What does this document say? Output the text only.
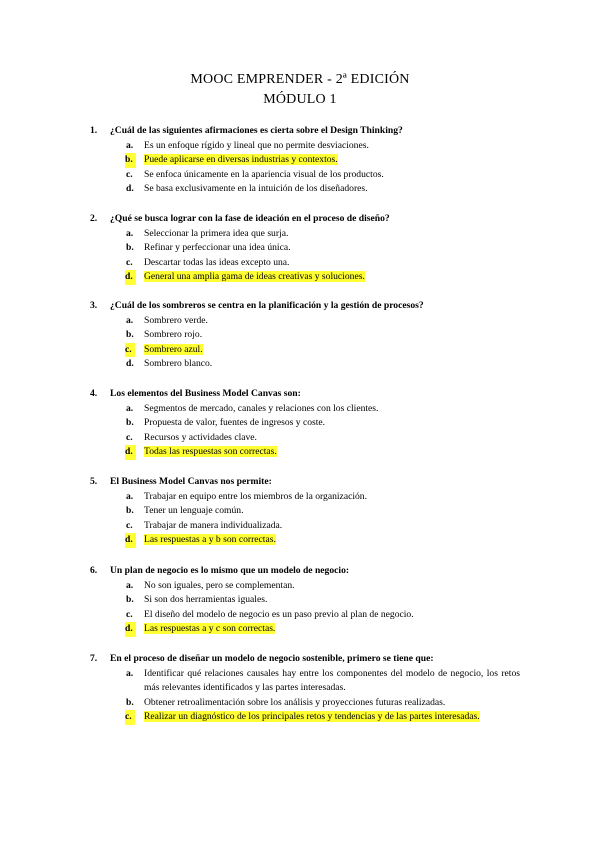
MOOC EMPRENDER - 2ª EDICIÓN
MÓDULO 1
1. ¿Cuál de las siguientes afirmaciones es cierta sobre el Design Thinking?
a. Es un enfoque rígido y lineal que no permite desviaciones.
b.	Puede aplicarse en diversas industrias y contextos.
c. Se enfoca únicamente en la apariencia visual de los productos.
d. Se basa exclusivamente en la intuición de los diseñadores.
2. ¿Qué se busca lograr con la fase de ideación en el proceso de diseño?
a. Seleccionar la primera idea que surja.
b. Refinar y perfeccionar una idea única.
c. Descartar todas las ideas excepto una.
d.	General una amplia gama de ideas creativas y soluciones.
3. ¿Cuál de los sombreros se centra en la planificación y la gestión de procesos?
a. Sombrero verde.
b. Sombrero rojo.
c.	Sombrero azul.
d. Sombrero blanco.
4. Los elementos del Business Model Canvas son:
a. Segmentos de mercado, canales y relaciones con los clientes.
b. Propuesta de valor, fuentes de ingresos y coste.
c. Recursos y actividades clave.
d.	Todas las respuestas son correctas.
5. El Business Model Canvas nos permite:
a. Trabajar en equipo entre los miembros de la organización.
b. Tener un lenguaje común.
c. Trabajar de manera individualizada.
d.	Las respuestas a y b son correctas.
6. Un plan de negocio es lo mismo que un modelo de negocio:
a. No son iguales, pero se complementan.
b. Si son dos herramientas iguales.
c. El diseño del modelo de negocio es un paso previo al plan de negocio.
d.	Las respuestas a y c son correctas.
7. En el proceso de diseñar un modelo de negocio sostenible, primero se tiene que:
a. Identificar qué relaciones causales hay entre los componentes del modelo de negocio, los retos más relevantes identificados y las partes interesadas.
b. Obtener retroalimentación sobre los análisis y proyecciones futuras realizadas.
c.	Realizar un diagnóstico de los principales retos y tendencias y de las partes interesadas.
